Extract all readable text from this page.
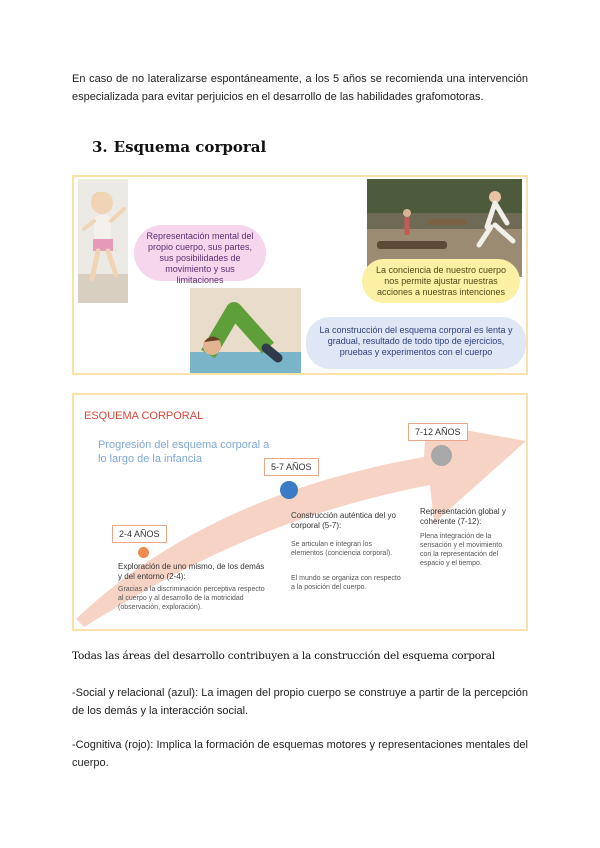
En caso de no lateralizarse espontáneamente, a los 5 años se recomienda una intervención especializada para evitar perjuicios en el desarrollo de las habilidades grafomotoras.

3. Esquema corporal
Representación mental del propio cuerpo, sus partes, sus posibilidades de movimiento y sus limitaciones
La conciencia de nuestro cuerpo nos permite ajustar nuestras acciones a nuestras intenciones
La construcción del esquema corporal es lenta y gradual, resultado de todo tipo de ejercicios, pruebas y experimentos con el cuerpo

ESQUEMA CORPORAL

Progresión del esquema corporal a lo largo de la infancia

2-4 AÑOS

Exploración de uno mismo, de los demás y del entorno (2-4):

Gracias a la discriminación perceptiva respecto al cuerpo y al desarrollo de la motricidad (observación, exploración).

5-7 AÑOS

Construcción auténtica del yo corporal (5-7):

Se articulan e integran los elementos (conciencia corporal).

El mundo se organiza con respecto a la posición del cuerpo.

7-12 AÑOS

Representación global y coherente (7-12):

Plena integración de la sensación y el movimiento con la representación del espacio y el tiempo.

Todas las áreas del desarrollo contribuyen a la construcción del esquema corporal

-Social y relacional (azul): La imagen del propio cuerpo se construye a partir de la percepción de los demás y la interacción social.

-Cognitiva (rojo): Implica la formación de esquemas motores y representaciones mentales del cuerpo.
